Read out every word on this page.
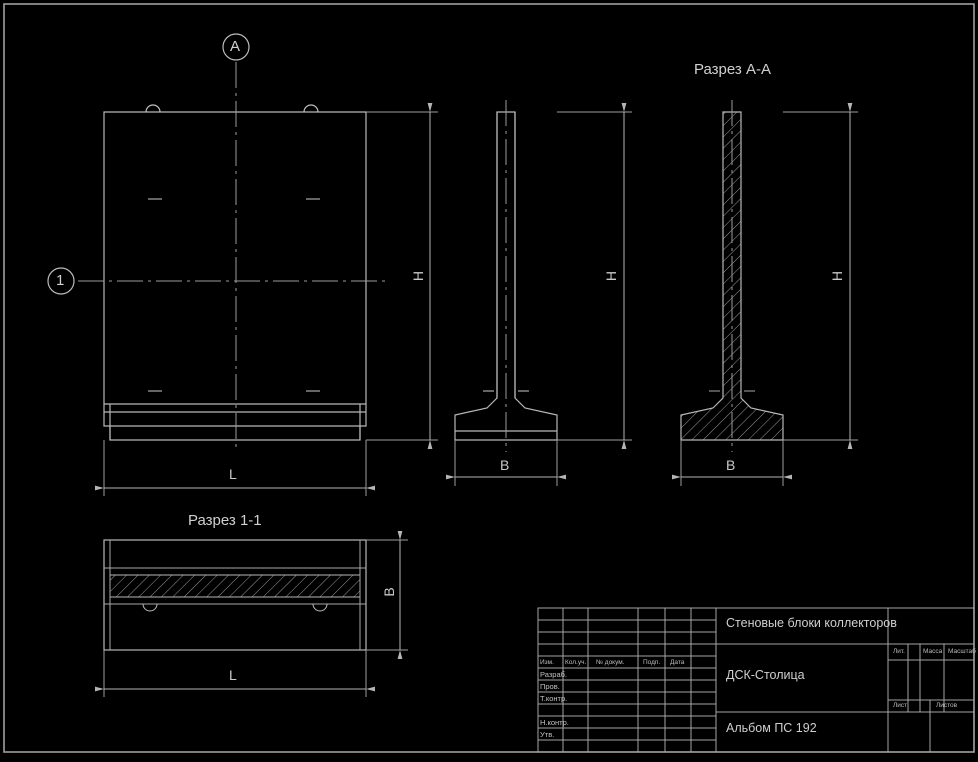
А
1
Разрез А-А
Разрез 1-1
H
L
H
B
H
B
B
L
Стеновые блоки коллекторов
ДСК-Столица
Альбом ПС 192
Изм. Кол.уч. № докум.	Подп. Дата
Разраб.
Пров.
Т.контр.
Н.контр.
Утв.
Лит.	Масса Масштаб
Лист	Листов
